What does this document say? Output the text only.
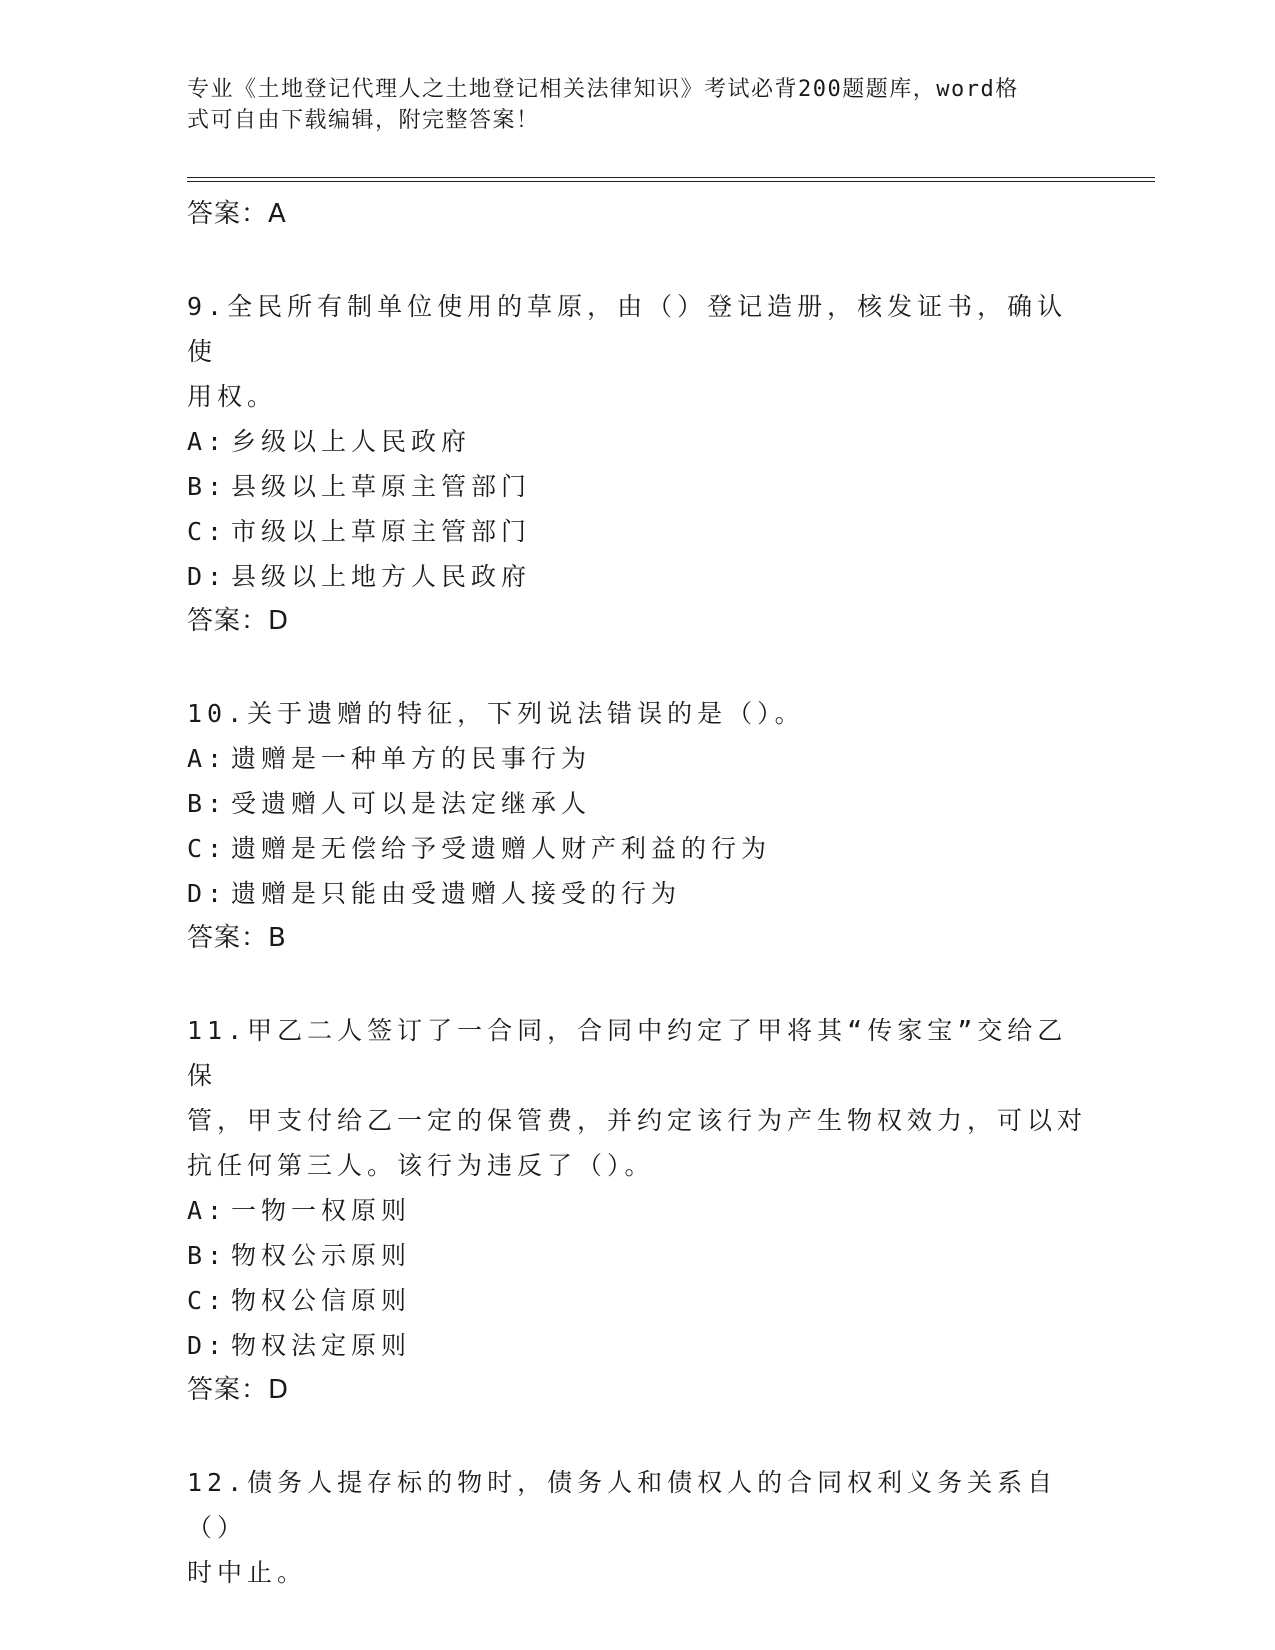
专业《土地登记代理人之土地登记相关法律知识》考试必背200题题库，word格
式可自由下载编辑，附完整答案！
答案：A
9.全民所有制单位使用的草原，由（）登记造册，核发证书，确认使
用权。
A: 乡级以上人民政府
B: 县级以上草原主管部门
C: 市级以上草原主管部门
D: 县级以上地方人民政府
答案：D
10.关于遗赠的特征，下列说法错误的是（）。
A: 遗赠是一种单方的民事行为
B: 受遗赠人可以是法定继承人
C: 遗赠是无偿给予受遗赠人财产利益的行为
D: 遗赠是只能由受遗赠人接受的行为
答案：B
11.甲乙二人签订了一合同，合同中约定了甲将其“传家宝”交给乙保
管，甲支付给乙一定的保管费，并约定该行为产生物权效力，可以对
抗任何第三人。该行为违反了（）。
A: 一物一权原则
B: 物权公示原则
C: 物权公信原则
D: 物权法定原则
答案：D
12.债务人提存标的物时，债务人和债权人的合同权利义务关系自（）
时中止。
